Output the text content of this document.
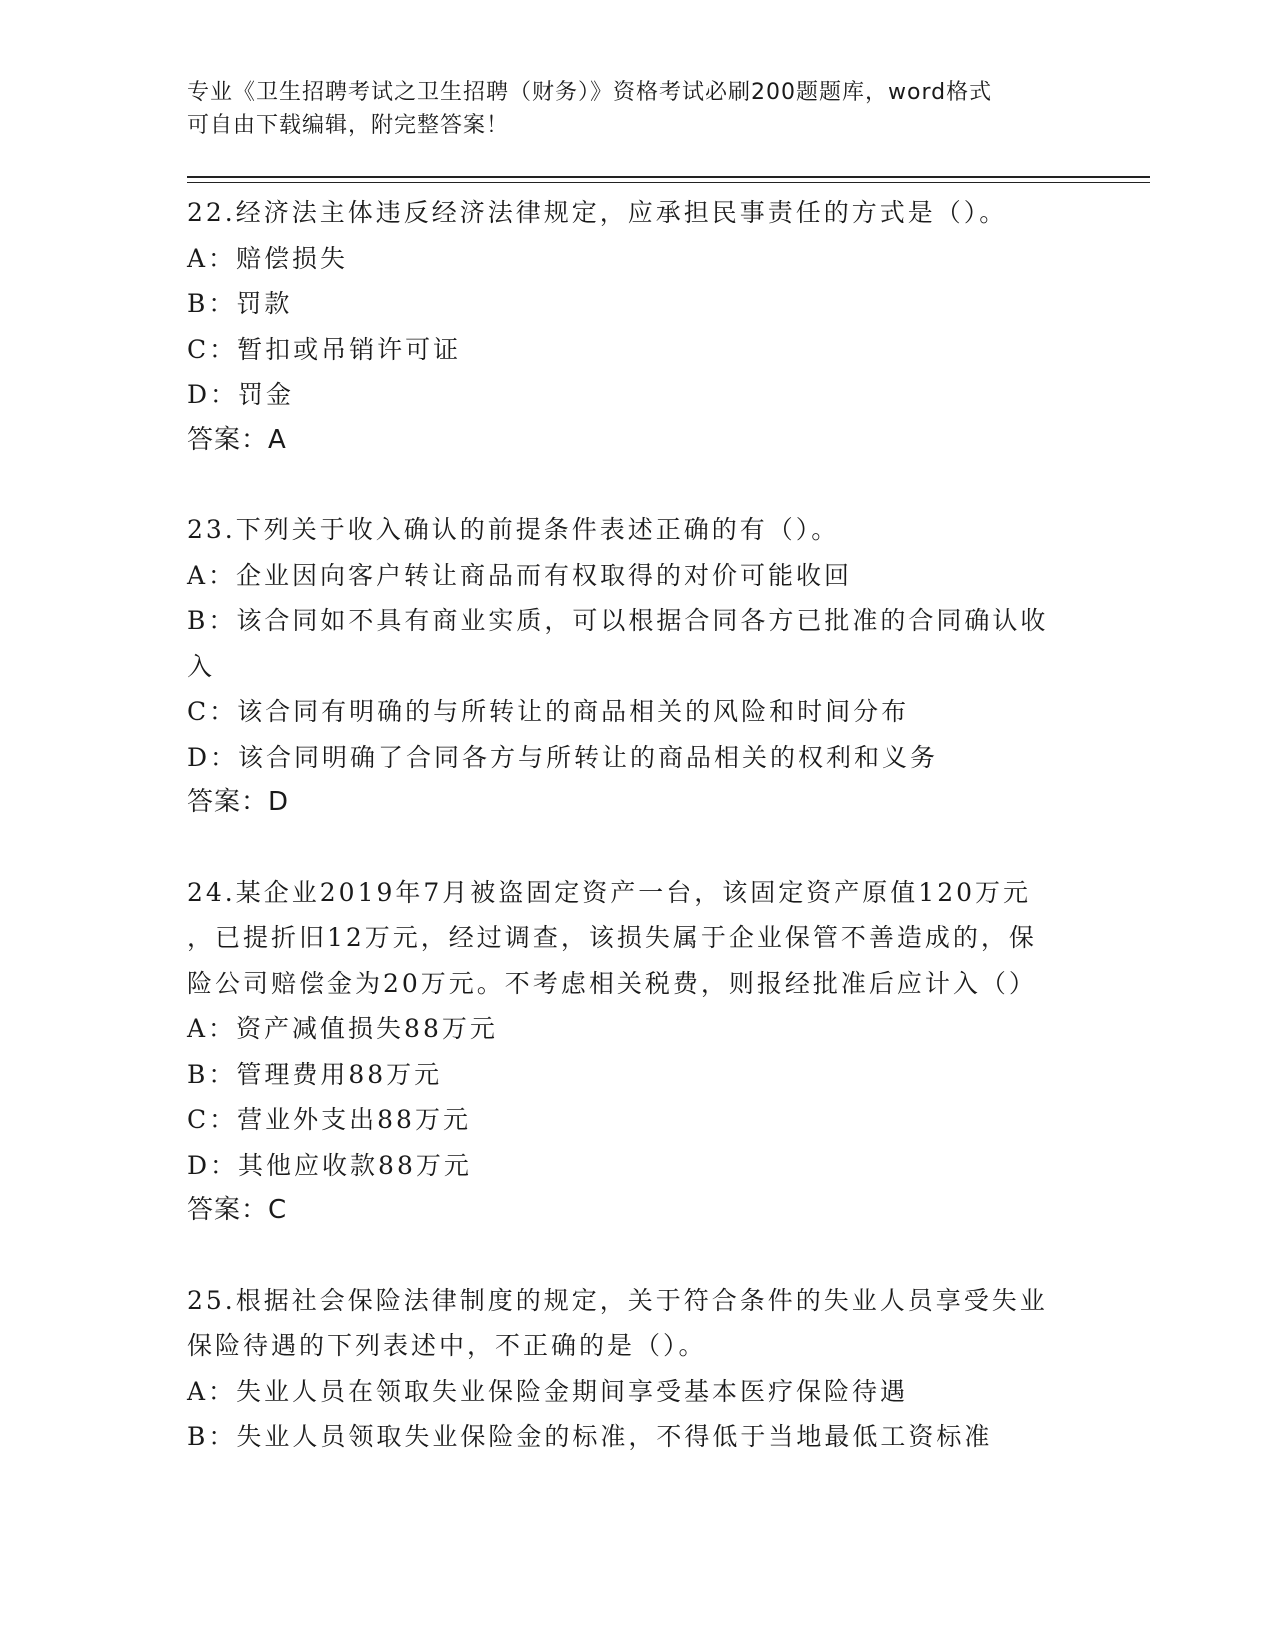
专业《卫生招聘考试之卫生招聘（财务）》资格考试必刷200题题库，word格式
可自由下载编辑，附完整答案！
22.经济法主体违反经济法律规定，应承担民事责任的方式是（）。
A：赔偿损失
B：罚款
C：暂扣或吊销许可证
D：罚金
答案：A
23.下列关于收入确认的前提条件表述正确的有（）。
A：企业因向客户转让商品而有权取得的对价可能收回
B：该合同如不具有商业实质，可以根据合同各方已批准的合同确认收
入
C：该合同有明确的与所转让的商品相关的风险和时间分布
D：该合同明确了合同各方与所转让的商品相关的权利和义务
答案：D
24.某企业2019年7月被盗固定资产一台，该固定资产原值120万元
，已提折旧12万元，经过调查，该损失属于企业保管不善造成的，保
险公司赔偿金为20万元。不考虑相关税费，则报经批准后应计入（）
A：资产减值损失88万元
B：管理费用88万元
C：营业外支出88万元
D：其他应收款88万元
答案：C
25.根据社会保险法律制度的规定，关于符合条件的失业人员享受失业
保险待遇的下列表述中，不正确的是（）。
A：失业人员在领取失业保险金期间享受基本医疗保险待遇
B：失业人员领取失业保险金的标准，不得低于当地最低工资标准
